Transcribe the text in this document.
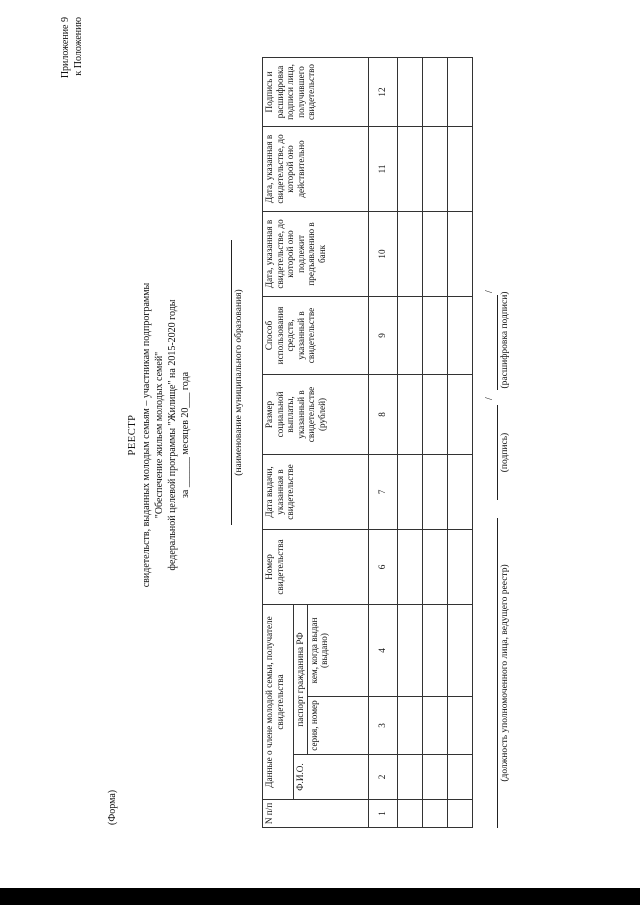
Приложение 9 к Положению
(Форма)
РЕЕСТР свидетельств, выданных молодым семьям – участникам подпрограммы "Обеспечение жильем молодых семей" федеральной целевой программы "Жилище" на 2015-2020 годы за ______ месяцев 20___ года	(наименование муниципального образования)
N п/п	Данные о члене молодой семьи, получателе свидетельства			Номер свидетельства	Дата выдачи, указанная в свидетельстве	Размер социальной выплаты, указанный в свидетельстве (рублей)	Способ использования средств, указанный в свидетельстве	Дата, указанная в свидетельстве, до которой оно подлежит предъявлению в банк	Дата, указанная в свидетельстве, до которой оно действительно	Подпись и расшифровка подписи лица, получившего свидетельство
	Ф.И.О.	паспорт гражданина РФ								
		серия, номер	кем, когда выдан (выдано)							
1	2	3	4	6	7	8	9	10	11	12

(должность уполномоченного лица, ведущего реестр)
(подпись)
/
(расшифровка подписи)
/
